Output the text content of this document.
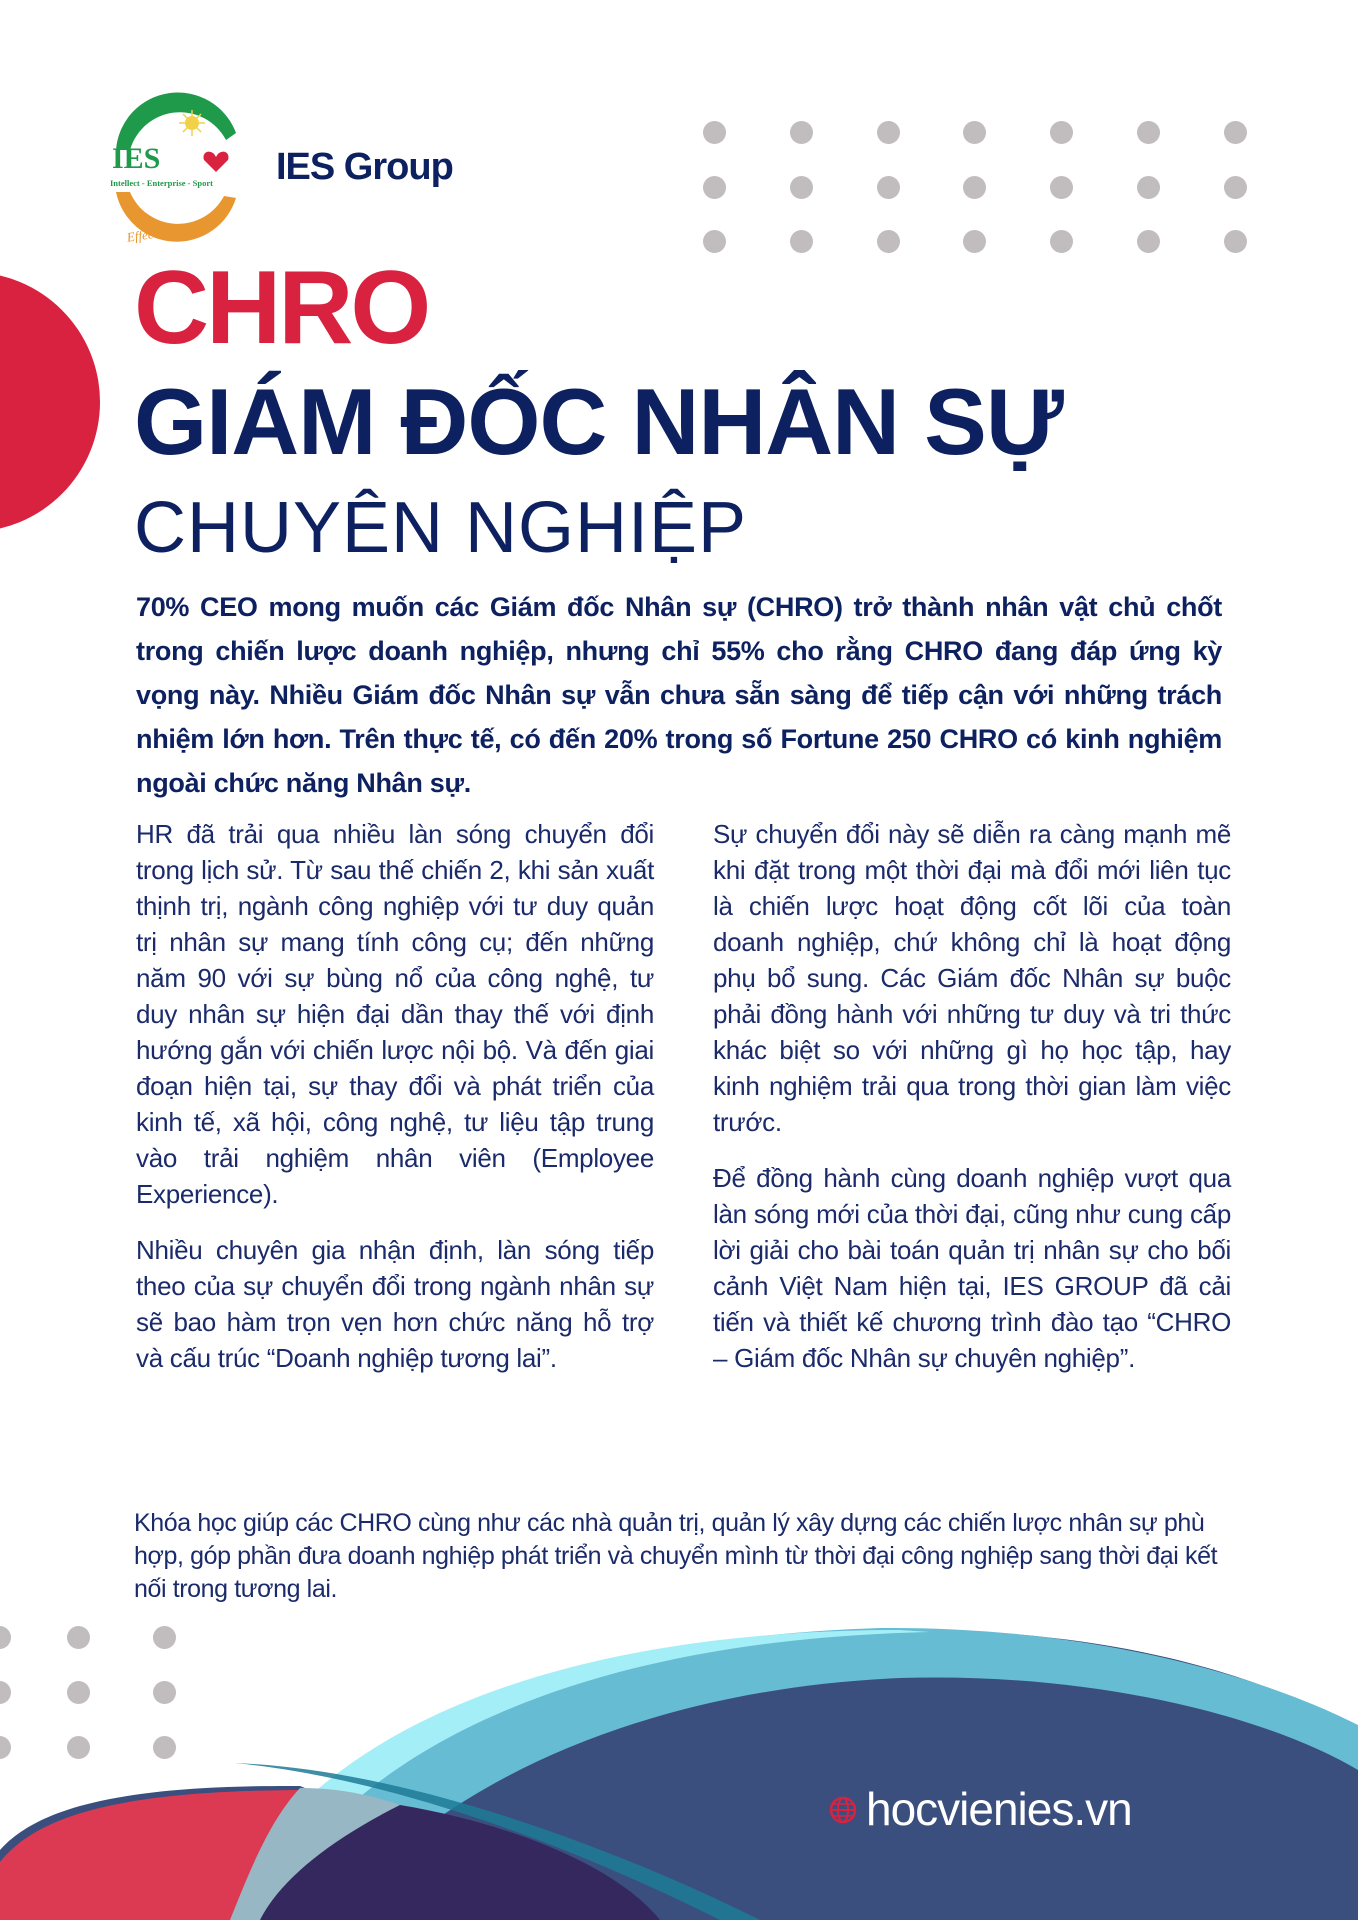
IES
Intellect - Enterprise - Sport
Effect Solution
IES Group
CHRO
GIÁM ĐỐC NHÂN SỰ
CHUYÊN NGHIỆP
70% CEO mong muốn các Giám đốc Nhân sự (CHRO) trở thành nhân vật chủ chốt trong chiến lược doanh nghiệp, nhưng chỉ 55% cho rằng CHRO đang đáp ứng kỳ vọng này. Nhiều Giám đốc Nhân sự vẫn chưa sẵn sàng để tiếp cận với những trách nhiệm lớn hơn. Trên thực tế, có đến 20% trong số Fortune 250 CHRO có kinh nghiệm ngoài chức năng Nhân sự.

HR đã trải qua nhiều làn sóng chuyển đổi trong lịch sử. Từ sau thế chiến 2, khi sản xuất thịnh trị, ngành công nghiệp với tư duy quản trị nhân sự mang tính công cụ; đến những năm 90 với sự bùng nổ của công nghệ, tư duy nhân sự hiện đại dần thay thế với định hướng gắn với chiến lược nội bộ. Và đến giai đoạn hiện tại, sự thay đổi và phát triển của kinh tế, xã hội, công nghệ, tư liệu tập trung vào trải nghiệm nhân viên (Employee Experience).

Nhiều chuyên gia nhận định, làn sóng tiếp theo của sự chuyển đổi trong ngành nhân sự sẽ bao hàm trọn vẹn hơn chức năng hỗ trợ và cấu trúc “Doanh nghiệp tương lai”.

Sự chuyển đổi này sẽ diễn ra càng mạnh mẽ khi đặt trong một thời đại mà đổi mới liên tục là chiến lược hoạt động cốt lõi của toàn doanh nghiệp, chứ không chỉ là hoạt động phụ bổ sung. Các Giám đốc Nhân sự buộc phải đồng hành với những tư duy và tri thức khác biệt so với những gì họ học tập, hay kinh nghiệm trải qua trong thời gian làm việc trước.

Để đồng hành cùng doanh nghiệp vượt qua làn sóng mới của thời đại, cũng như cung cấp lời giải cho bài toán quản trị nhân sự cho bối cảnh Việt Nam hiện tại, IES GROUP đã cải tiến và thiết kế chương trình đào tạo “CHRO – Giám đốc Nhân sự chuyên nghiệp”.

Khóa học giúp các CHRO cùng như các nhà quản trị, quản lý xây dựng các chiến lược nhân sự phù hợp, góp phần đưa doanh nghiệp phát triển và chuyển mình từ thời đại công nghiệp sang thời đại kết nối trong tương lai.
hocvienies.vn
